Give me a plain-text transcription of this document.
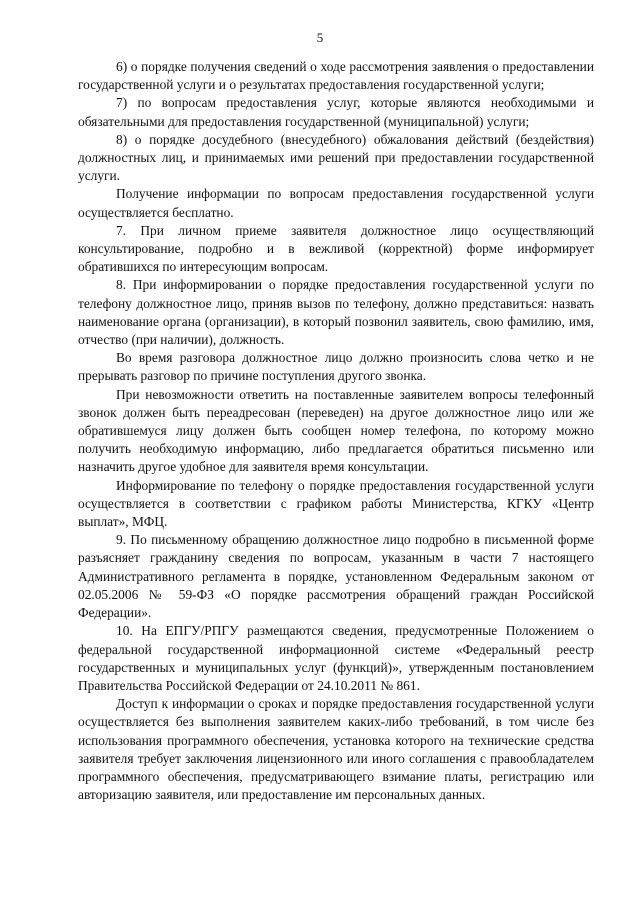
5

6) о порядке получения сведений о ходе рассмотрения заявления о предоставлении государственной услуги и о результатах предоставления государственной услуги;

7) по вопросам предоставления услуг, которые являются необходимыми и обязательными для предоставления государственной (муниципальной) услуги;

8) о порядке досудебного (внесудебного) обжалования действий (бездействия) должностных лиц, и принимаемых ими решений при предоставлении государственной услуги.

Получение информации по вопросам предоставления государственной услуги осуществляется бесплатно.

7. При личном приеме заявителя должностное лицо осуществляющий консультирование, подробно и в вежливой (корректной) форме информирует обратившихся по интересующим вопросам.

8. При информировании о порядке предоставления государственной услуги по телефону должностное лицо, приняв вызов по телефону, должно представиться: назвать наименование органа (организации), в который позвонил заявитель, свою фамилию, имя, отчество (при наличии), должность.

Во время разговора должностное лицо должно произносить слова четко и не прерывать разговор по причине поступления другого звонка.

При невозможности ответить на поставленные заявителем вопросы телефонный звонок должен быть переадресован (переведен) на другое должностное лицо или же обратившемуся лицу должен быть сообщен номер телефона, по которому можно получить необходимую информацию, либо предлагается обратиться письменно или назначить другое удобное для заявителя время консультации.

Информирование по телефону о порядке предоставления государственной услуги осуществляется в соответствии с графиком работы Министерства, КГКУ «Центр выплат», МФЦ.

9. По письменному обращению должностное лицо подробно в письменной форме разъясняет гражданину сведения по вопросам, указанным в части 7 настоящего Административного регламента в порядке, установленном Федеральным законом от 02.05.2006 № 59-ФЗ «О порядке рассмотрения обращений граждан Российской Федерации».

10. На ЕПГУ/РПГУ размещаются сведения, предусмотренные Положением о федеральной государственной информационной системе «Федеральный реестр государственных и муниципальных услуг (функций)», утвержденным постановлением Правительства Российской Федерации от 24.10.2011 № 861.

Доступ к информации о сроках и порядке предоставления государственной услуги осуществляется без выполнения заявителем каких-либо требований, в том числе без использования программного обеспечения, установка которого на технические средства заявителя требует заключения лицензионного или иного соглашения с правообладателем программного обеспечения, предусматривающего взимание платы, регистрацию или авторизацию заявителя, или предоставление им персональных данных.
